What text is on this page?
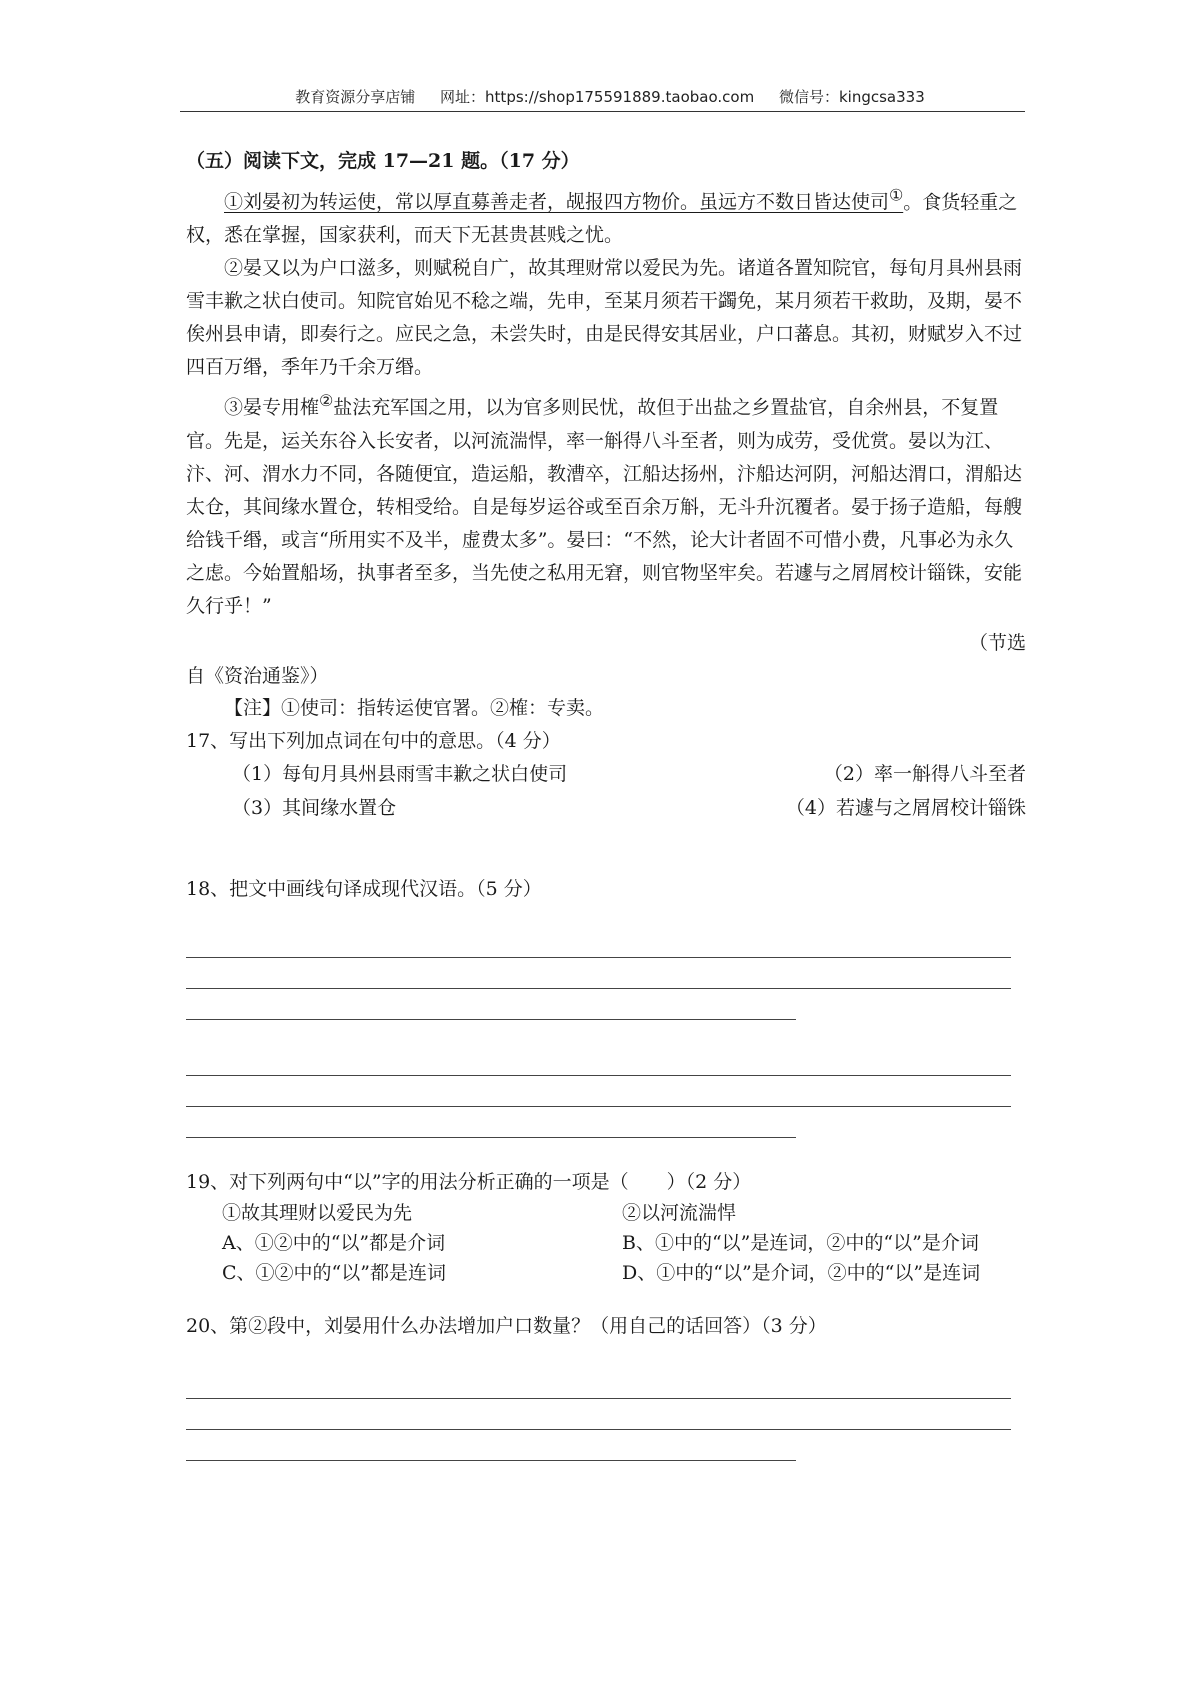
教育资源分享店铺 网址：https://shop175591889.taobao.com 微信号：kingcsa333

（五）阅读下文，完成 17—21 题。（17 分）

①刘晏初为转运使，常以厚直募善走者，觇报四方物价。虽远方不数日皆达使司①。食货轻重之权，悉在掌握，国家获利，而天下无甚贵甚贱之忧。

②晏又以为户口滋多，则赋税自广，故其理财常以爱民为先。诸道各置知院官，每旬月具州县雨雪丰歉之状白使司。知院官始见不稔之端，先申，至某月须若干蠲免，某月须若干救助，及期，晏不俟州县申请，即奏行之。应民之急，未尝失时，由是民得安其居业，户口蕃息。其初，财赋岁入不过四百万缗，季年乃千余万缗。

③晏专用榷②盐法充军国之用，以为官多则民忧，故但于出盐之乡置盐官，自余州县，不复置官。先是，运关东谷入长安者，以河流湍悍，率一斛得八斗至者，则为成劳，受优赏。晏以为江、汴、河、渭水力不同，各随便宜，造运船，教漕卒，江船达扬州，汴船达河阴，河船达渭口，渭船达太仓，其间缘水置仓，转相受给。自是每岁运谷或至百余万斛，无斗升沉覆者。晏于扬子造船，每艘给钱千缗，或言“所用实不及半，虚费太多”。晏曰：“不然，论大计者固不可惜小费，凡事必为永久之虑。今始置船场，执事者至多，当先使之私用无窘，则官物坚牢矣。若遽与之屑屑校计锱铢，安能久行乎！”

（节选

自《资治通鉴》）

【注】①使司：指转运使官署。②榷：专卖。

17、写出下列加点词在句中的意思。（4 分）

（1）每旬月具州县雨雪丰歉之状白使司	（2）率一斛得八斗至者
（3）其间缘水置仓	（4）若遽与之屑屑校计锱铢

18、把文中画线句译成现代汉语。（5 分）

19、对下列两句中“以”字的用法分析正确的一项是（　　）（2 分）

①故其理财以爱民为先	②以河流湍悍
A、①②中的“以”都是介词	B、①中的“以”是连词，②中的“以”是介词
C、①②中的“以”都是连词	D、①中的“以”是介词，②中的“以”是连词

20、第②段中，刘晏用什么办法增加户口数量？（用自己的话回答）（3 分）
